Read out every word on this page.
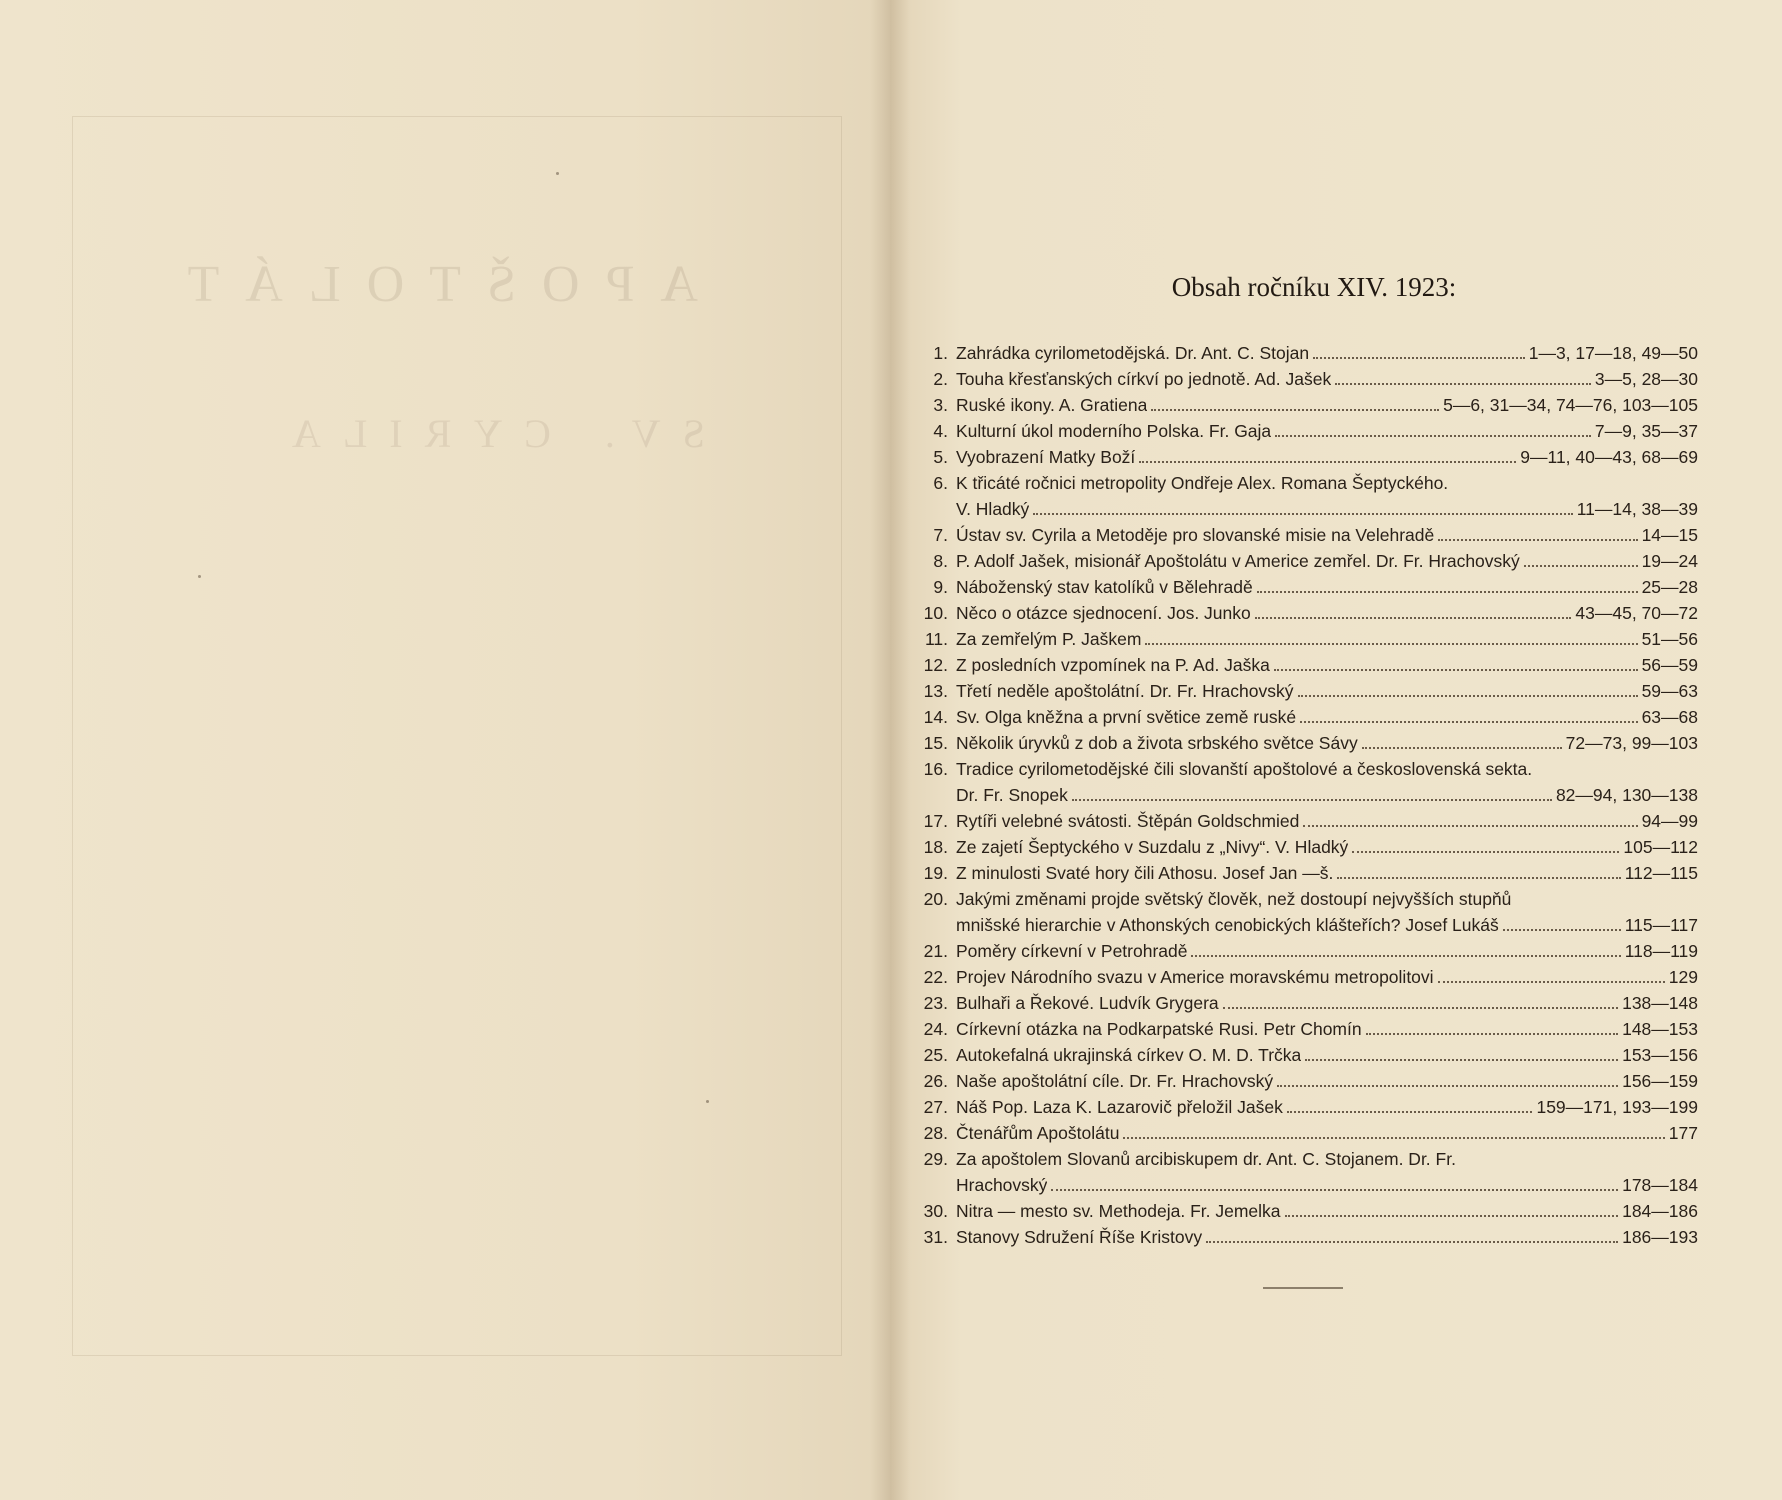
APOŠTOLÁT
SV. CYRILA
Obsah ročníku XIV. 1923:
1. Zahrádka cyrilometodějská. Dr. Ant. C. Stojan	1—3, 17—18, 49—50
2. Touha křesťanských církví po jednotě. Ad. Jašek	3—5, 28—30
3. Ruské ikony. A. Gratiena	5—6, 31—34, 74—76, 103—105
4. Kulturní úkol moderního Polska. Fr. Gaja	7—9, 35—37
5. Vyobrazení Matky Boží	9—11, 40—43, 68—69
6. K třicáté ročnici metropolity Ondřeje Alex. Romana Šeptyckého.
V. Hladký	11—14, 38—39
7. Ústav sv. Cyrila a Metoděje pro slovanské misie na Velehradě	14—15
8. P. Adolf Jašek, misionář Apoštolátu v Americe zemřel. Dr. Fr. Hrachovský	19—24
9. Náboženský stav katolíků v Bělehradě	25—28
10. Něco o otázce sjednocení. Jos. Junko	43—45, 70—72
11. Za zemřelým P. Jaškem	51—56
12. Z posledních vzpomínek na P. Ad. Jaška	56—59
13. Třetí neděle apoštolátní. Dr. Fr. Hrachovský	59—63
14. Sv. Olga kněžna a první světice země ruské	63—68
15. Několik úryvků z dob a života srbského světce Sávy	72—73, 99—103
16. Tradice cyrilometodějské čili slovanští apoštolové a československá sekta.
Dr. Fr. Snopek	82—94, 130—138
17. Rytíři velebné svátosti. Štěpán Goldschmied	94—99
18. Ze zajetí Šeptyckého v Suzdalu z „Nivy“. V. Hladký	105—112
19. Z minulosti Svaté hory čili Athosu. Josef Jan —š.	112—115
20. Jakými změnami projde světský člověk, než dostoupí nejvyšších stupňů
mnišské hierarchie v Athonských cenobických klášteřích? Josef Lukáš	115—117
21. Poměry církevní v Petrohradě	118—119
22. Projev Národního svazu v Americe moravskému metropolitovi	129
23. Bulhaři a Řekové. Ludvík Grygera	138—148
24. Církevní otázka na Podkarpatské Rusi. Petr Chomín	148—153
25. Autokefalná ukrajinská církev O. M. D. Trčka	153—156
26. Naše apoštolátní cíle. Dr. Fr. Hrachovský	156—159
27. Náš Pop. Laza K. Lazarovič přeložil Jašek	159—171, 193—199
28. Čtenářům Apoštolátu	177
29. Za apoštolem Slovanů arcibiskupem dr. Ant. C. Stojanem. Dr. Fr.
Hrachovský	178—184
30. Nitra — mesto sv. Methodeja. Fr. Jemelka	184—186
31. Stanovy Sdružení Říše Kristovy	186—193
